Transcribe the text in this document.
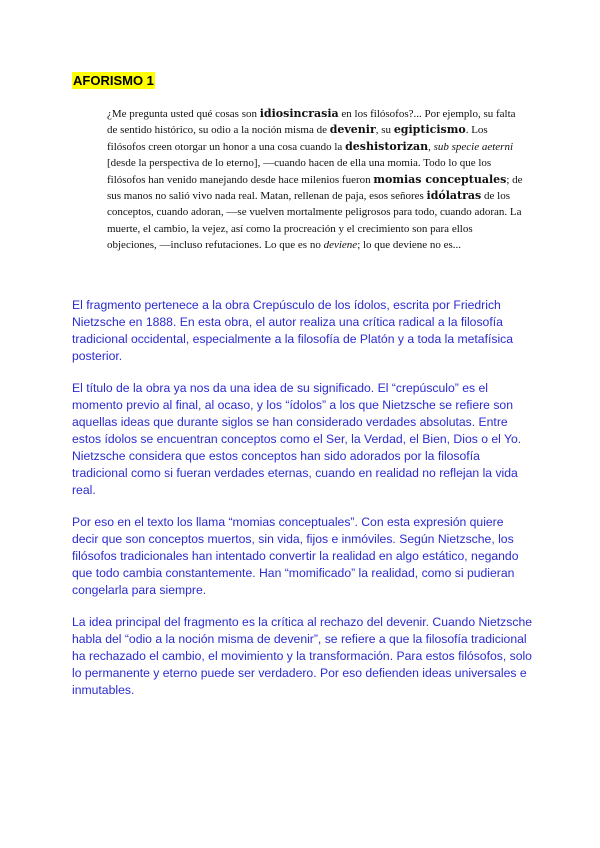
AFORISMO 1
¿Me pregunta usted qué cosas son idiosincrasia en los filósofos?... Por ejemplo, su falta de sentido histórico, su odio a la noción misma de devenir, su egipticismo. Los filósofos creen otorgar un honor a una cosa cuando la deshistorizan, sub specie aeterni [desde la perspectiva de lo eterno], —cuando hacen de ella una momia. Todo lo que los filósofos han venido manejando desde hace milenios fueron momias conceptuales; de sus manos no salió vivo nada real. Matan, rellenan de paja, esos señores idólatras de los conceptos, cuando adoran, —se vuelven mortalmente peligrosos para todo, cuando adoran. La muerte, el cambio, la vejez, así como la procreación y el crecimiento son para ellos objeciones, —incluso refutaciones. Lo que es no deviene; lo que deviene no es...

El fragmento pertenece a la obra Crepúsculo de los ídolos, escrita por Friedrich Nietzsche en 1888. En esta obra, el autor realiza una crítica radical a la filosofía tradicional occidental, especialmente a la filosofía de Platón y a toda la metafísica posterior.

El título de la obra ya nos da una idea de su significado. El “crepúsculo” es el momento previo al final, al ocaso, y los “ídolos” a los que Nietzsche se refiere son aquellas ideas que durante siglos se han considerado verdades absolutas. Entre estos ídolos se encuentran conceptos como el Ser, la Verdad, el Bien, Dios o el Yo. Nietzsche considera que estos conceptos han sido adorados por la filosofía tradicional como si fueran verdades eternas, cuando en realidad no reflejan la vida real.

Por eso en el texto los llama “momias conceptuales”. Con esta expresión quiere decir que son conceptos muertos, sin vida, fijos e inmóviles. Según Nietzsche, los filósofos tradicionales han intentado convertir la realidad en algo estático, negando que todo cambia constantemente. Han “momificado” la realidad, como si pudieran congelarla para siempre.

La idea principal del fragmento es la crítica al rechazo del devenir. Cuando Nietzsche habla del “odio a la noción misma de devenir”, se refiere a que la filosofía tradicional ha rechazado el cambio, el movimiento y la transformación. Para estos filósofos, solo lo permanente y eterno puede ser verdadero. Por eso defienden ideas universales e inmutables.
